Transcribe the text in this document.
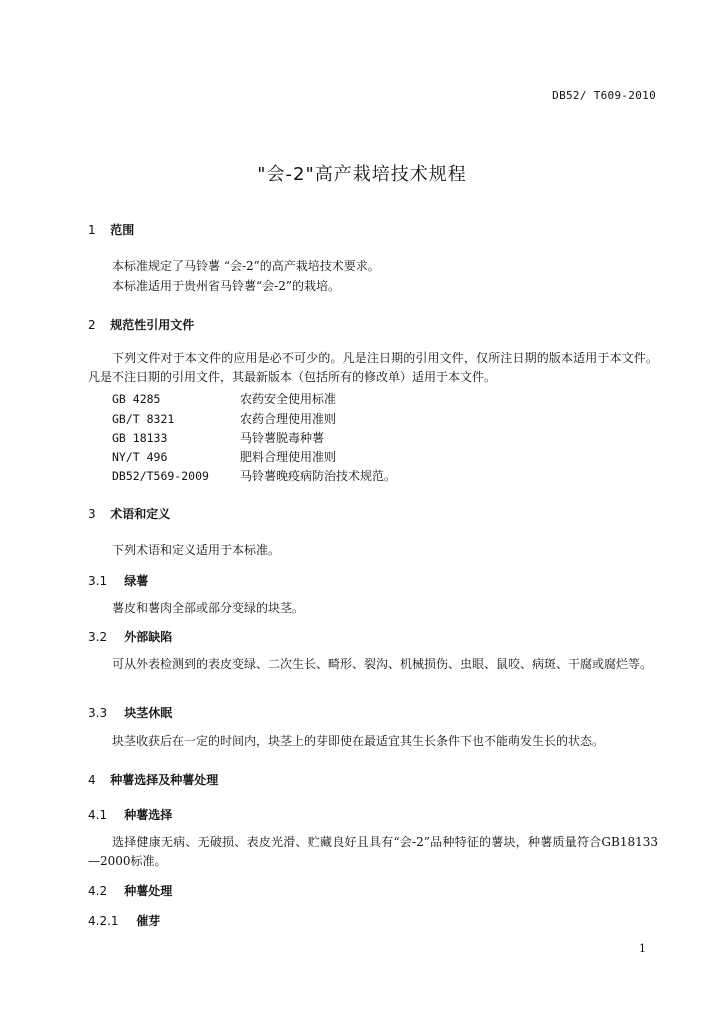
DB52/ T609-2010
"会-2"高产栽培技术规程
1 范围
本标准规定了马铃薯 “会-2”的高产栽培技术要求。
本标准适用于贵州省马铃薯“会-2”的栽培。
2 规范性引用文件
下列文件对于本文件的应用是必不可少的。凡是注日期的引用文件，仅所注日期的版本适用于本文件。凡是不注日期的引用文件，其最新版本（包括所有的修改单）适用于本文件。
GB 4285	农药安全使用标准
GB/T 8321	农药合理使用准则
GB 18133	马铃薯脱毒种薯
NY/T 496	肥料合理使用准则
DB52/T569-2009	马铃薯晚疫病防治技术规范。
3 术语和定义
下列术语和定义适用于本标准。
3.1 绿薯
薯皮和薯肉全部或部分变绿的块茎。
3.2 外部缺陷
可从外表检测到的表皮变绿、二次生长、畸形、裂沟、机械损伤、虫眼、鼠咬、病斑、干腐或腐烂等。
3.3 块茎休眠
块茎收获后在一定的时间内，块茎上的芽即使在最适宜其生长条件下也不能萌发生长的状态。
4 种薯选择及种薯处理
4.1 种薯选择
选择健康无病、无破损、表皮光滑、贮藏良好且具有“会-2”品种特征的薯块，种薯质量符合GB18133—2000标准。
4.2 种薯处理
4.2.1 催芽
1
